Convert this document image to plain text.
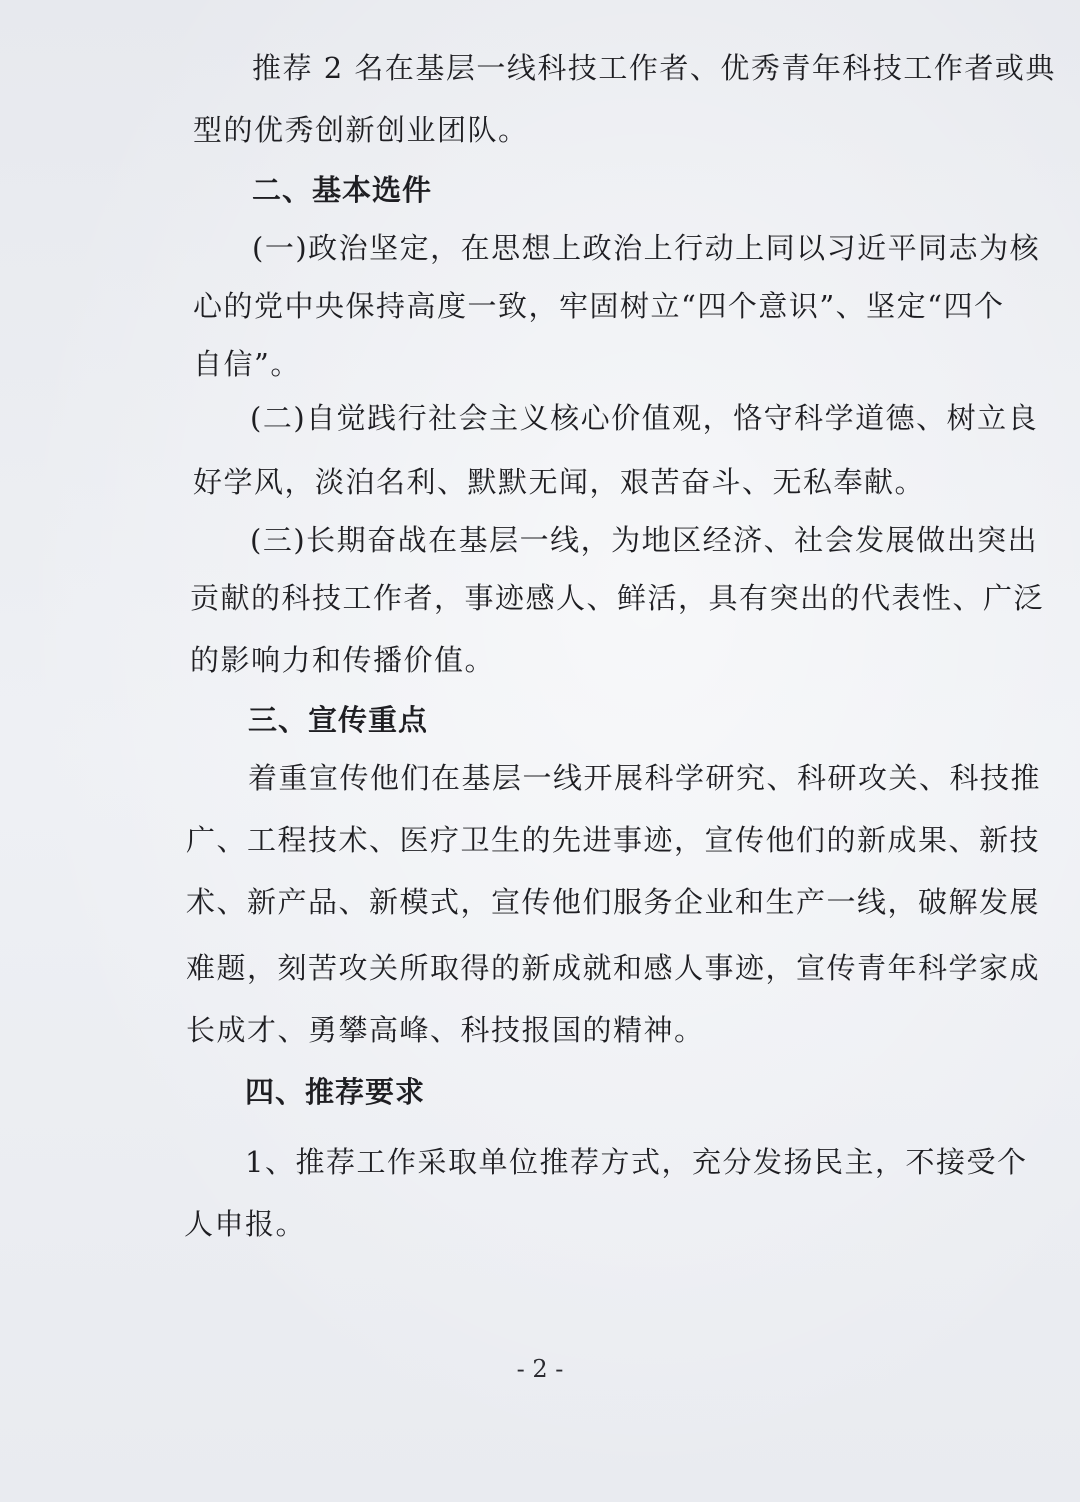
推荐 2 名在基层一线科技工作者、优秀青年科技工作者或典
型的优秀创新创业团队。
二、基本选件
(一)政治坚定，在思想上政治上行动上同以习近平同志为核
心的党中央保持高度一致，牢固树立“四个意识”、坚定“四个
自信”。
(二)自觉践行社会主义核心价值观，恪守科学道德、树立良
好学风，淡泊名利、默默无闻，艰苦奋斗、无私奉献。
(三)长期奋战在基层一线，为地区经济、社会发展做出突出
贡献的科技工作者，事迹感人、鲜活，具有突出的代表性、广泛
的影响力和传播价值。
三、宣传重点
着重宣传他们在基层一线开展科学研究、科研攻关、科技推
广、工程技术、医疗卫生的先进事迹，宣传他们的新成果、新技
术、新产品、新模式，宣传他们服务企业和生产一线，破解发展
难题，刻苦攻关所取得的新成就和感人事迹，宣传青年科学家成
长成才、勇攀高峰、科技报国的精神。
四、推荐要求
1、推荐工作采取单位推荐方式，充分发扬民主，不接受个
人申报。
- 2 -
